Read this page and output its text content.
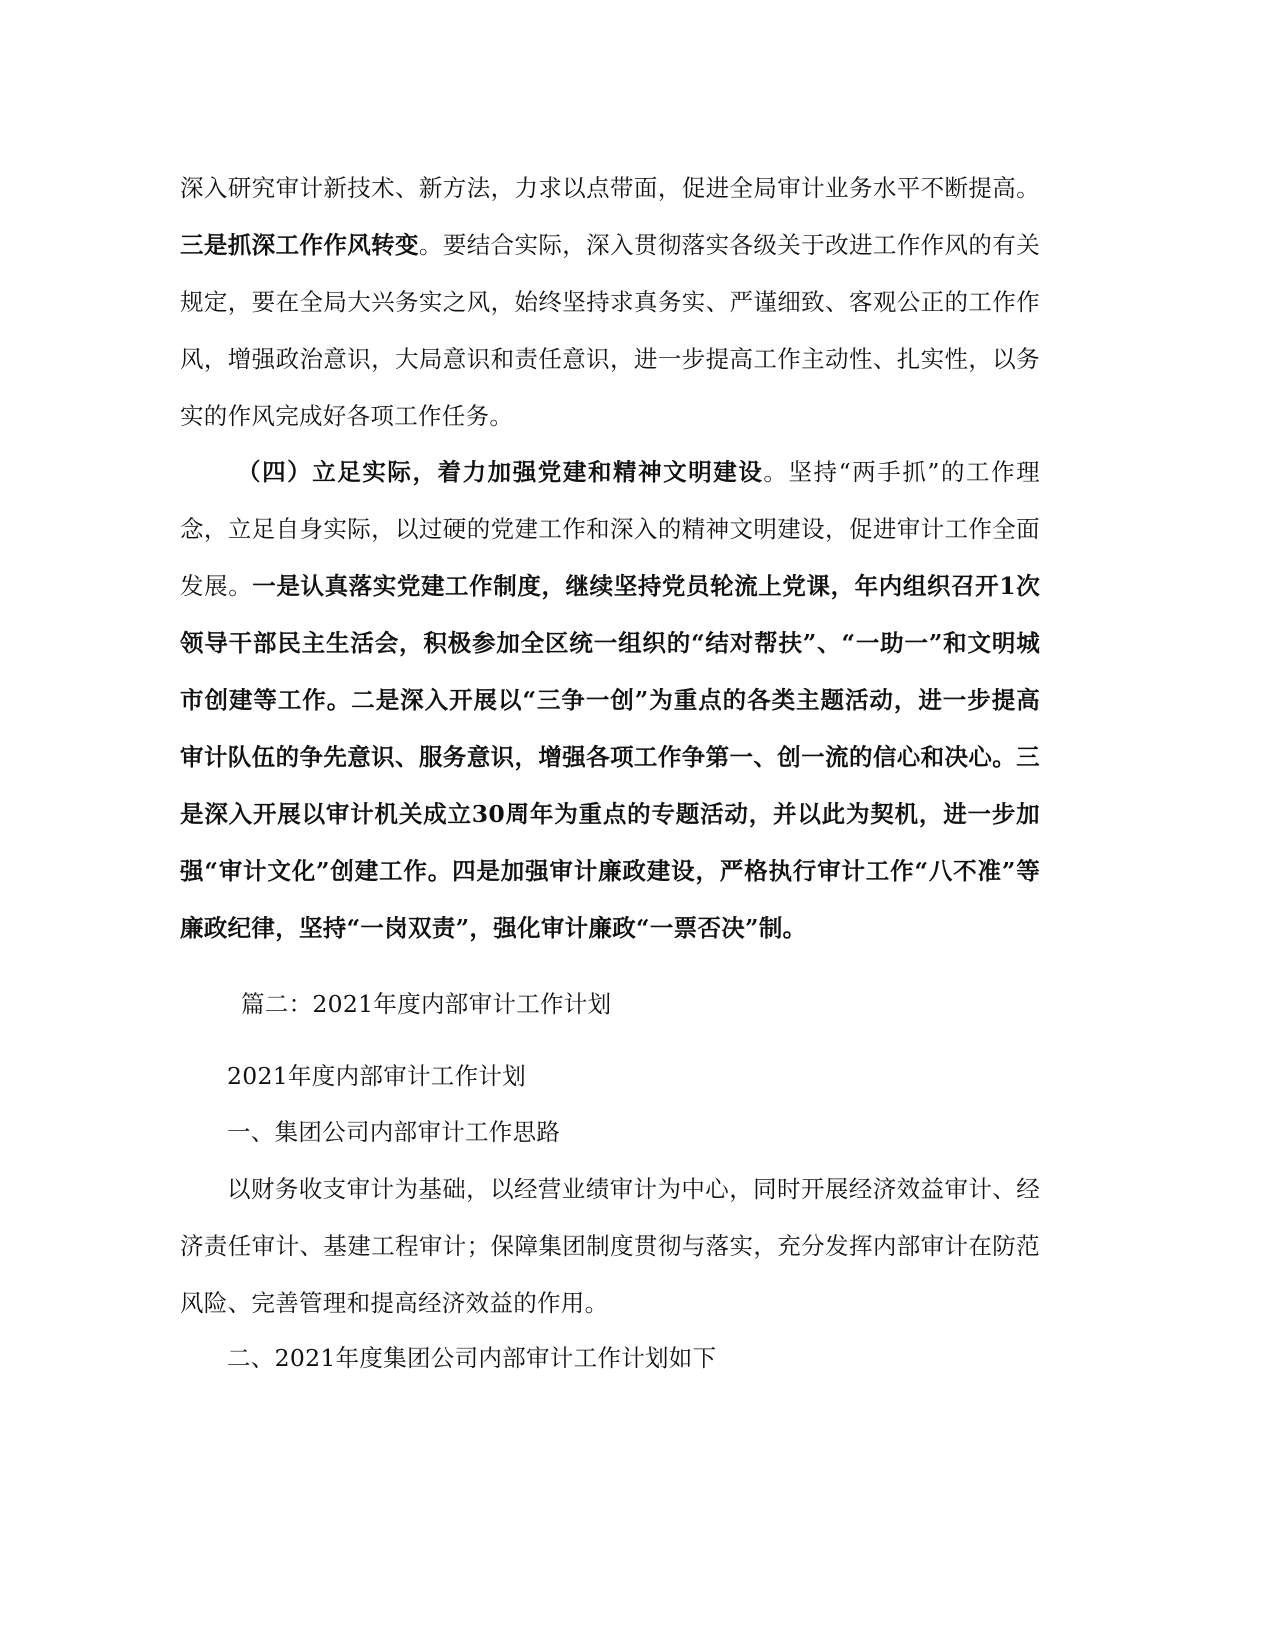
深入研究审计新技术、新方法，力求以点带面，促进全局审计业务水平不断提高。三是抓深工作作风转变。要结合实际，深入贯彻落实各级关于改进工作作风的有关规定，要在全局大兴务实之风，始终坚持求真务实、严谨细致、客观公正的工作作风，增强政治意识，大局意识和责任意识，进一步提高工作主动性、扎实性，以务实的作风完成好各项工作任务。

（四）立足实际，着力加强党建和精神文明建设。坚持“两手抓”的工作理念，立足自身实际，以过硬的党建工作和深入的精神文明建设，促进审计工作全面发展。一是认真落实党建工作制度，继续坚持党员轮流上党课，年内组织召开1次领导干部民主生活会，积极参加全区统一组织的“结对帮扶”、“一助一”和文明城市创建等工作。二是深入开展以“三争一创”为重点的各类主题活动，进一步提高审计队伍的争先意识、服务意识，增强各项工作争第一、创一流的信心和决心。三是深入开展以审计机关成立30周年为重点的专题活动，并以此为契机，进一步加强“审计文化”创建工作。四是加强审计廉政建设，严格执行审计工作“八不准”等廉政纪律，坚持“一岗双责”，强化审计廉政“一票否决”制。

篇二：2021年度内部审计工作计划

2021年度内部审计工作计划

一、集团公司内部审计工作思路

以财务收支审计为基础，以经营业绩审计为中心，同时开展经济效益审计、经济责任审计、基建工程审计；保障集团制度贯彻与落实，充分发挥内部审计在防范风险、完善管理和提高经济效益的作用。

二、2021年度集团公司内部审计工作计划如下
